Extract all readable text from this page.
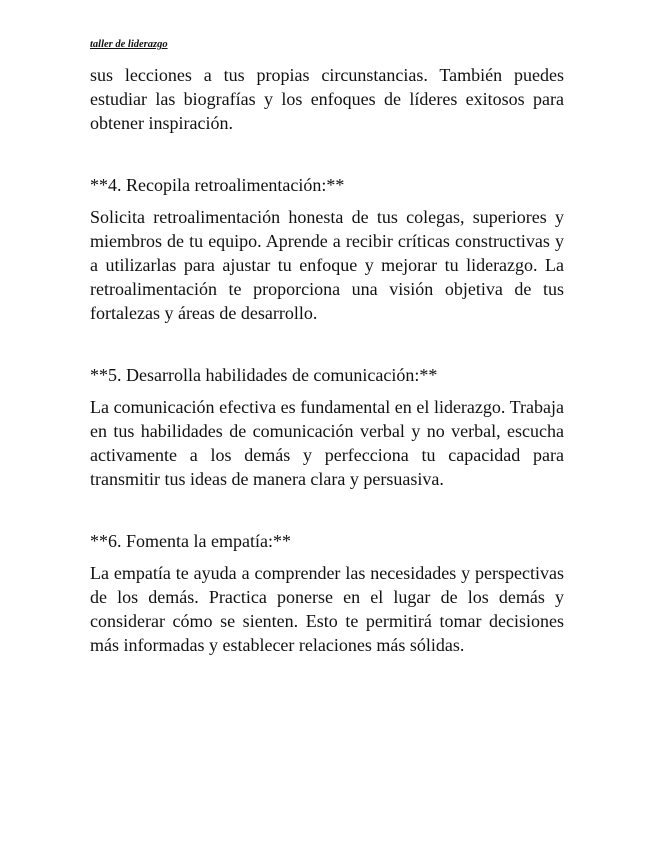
taller de liderazgo

sus lecciones a tus propias circunstancias. También puedes estudiar las biografías y los enfoques de líderes exitosos para obtener inspiración.

**4. Recopila retroalimentación:**

Solicita retroalimentación honesta de tus colegas, superiores y miembros de tu equipo. Aprende a recibir críticas constructivas y a utilizarlas para ajustar tu enfoque y mejorar tu liderazgo. La retroalimentación te proporciona una visión objetiva de tus fortalezas y áreas de desarrollo.

**5. Desarrolla habilidades de comunicación:**

La comunicación efectiva es fundamental en el liderazgo. Trabaja en tus habilidades de comunicación verbal y no verbal, escucha activamente a los demás y perfecciona tu capacidad para transmitir tus ideas de manera clara y persuasiva.

**6. Fomenta la empatía:**

La empatía te ayuda a comprender las necesidades y perspectivas de los demás. Practica ponerse en el lugar de los demás y considerar cómo se sienten. Esto te permitirá tomar decisiones más informadas y establecer relaciones más sólidas.
